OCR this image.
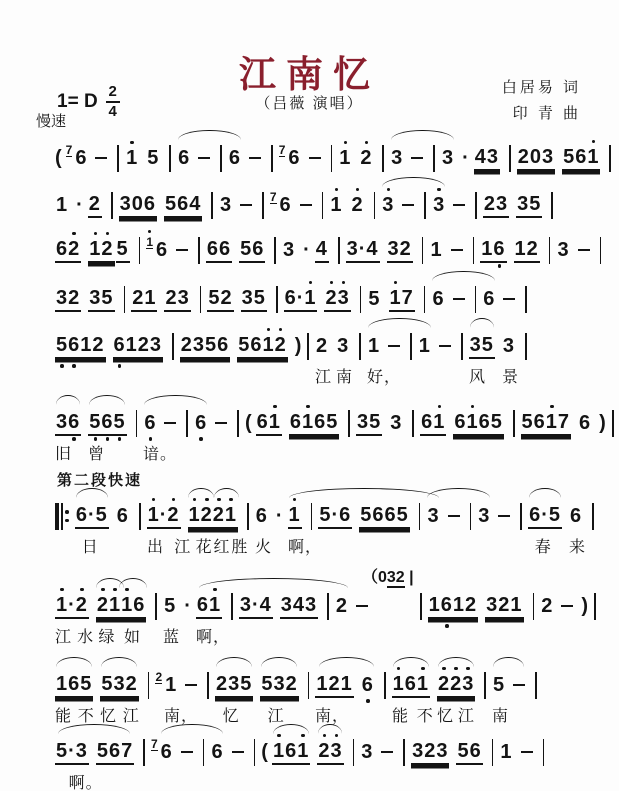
江南忆
（吕薇 演唱）
1= D $\frac{2}{4}$
慢速
白居易 词
印 青 曲
( 7 6 1 5 6 6	7 6 1 2 3 3 · 4 3 2 0 3 5 6 1
1 · 2 3 0 6 5 6 4 3	7 6 1 2 3 3 2 3 3 5
6 2 1 2 5 1 6 6 6 5 6 3 · 4 3 · 4 3 2 1 1 6 1 2 3
3 2 3 5 2 1 2 3 5 2 3 5 6 · 1 2 3 5 1 7 6 6
5 6 1 2 6 1 2 3 2 3 5 6 5 6 1 2 ) 2 3 1 1 3 5 3
江 南 好，	风 景
3 6 5 6 5 6 6 ( 6 1 6 1 6 5 3 5 3 6 1 6 1 6 5 5 6 1 7 6 )
旧 曾 谙。
第二段快速
6 · 5 6 1 · 2 1 2 2 1 6 · 1 5 · 6 5 6 6 5 3 3 6 · 5 6
日	出 江 花 红 胜 火 啊，	春 来
1 · 2 2 1 1 6 5 · 6 1 3 · 4 3 4 3 2	1 6 1 2 3 2 1 2 )
（032 |
江 水 绿 如 蓝 啊，
1 6 5 5 3 2 2 1 2 3 5 5 3 2 1 2 1 6 1 6 1 2 2 3 5
能 不 忆 江 南， 忆 江 南，	能 不 忆 江 南
5 · 3 5 6 7 7 6 6 ( 1 6 1 2 3 3 3 2 3 5 6 1
啊。
